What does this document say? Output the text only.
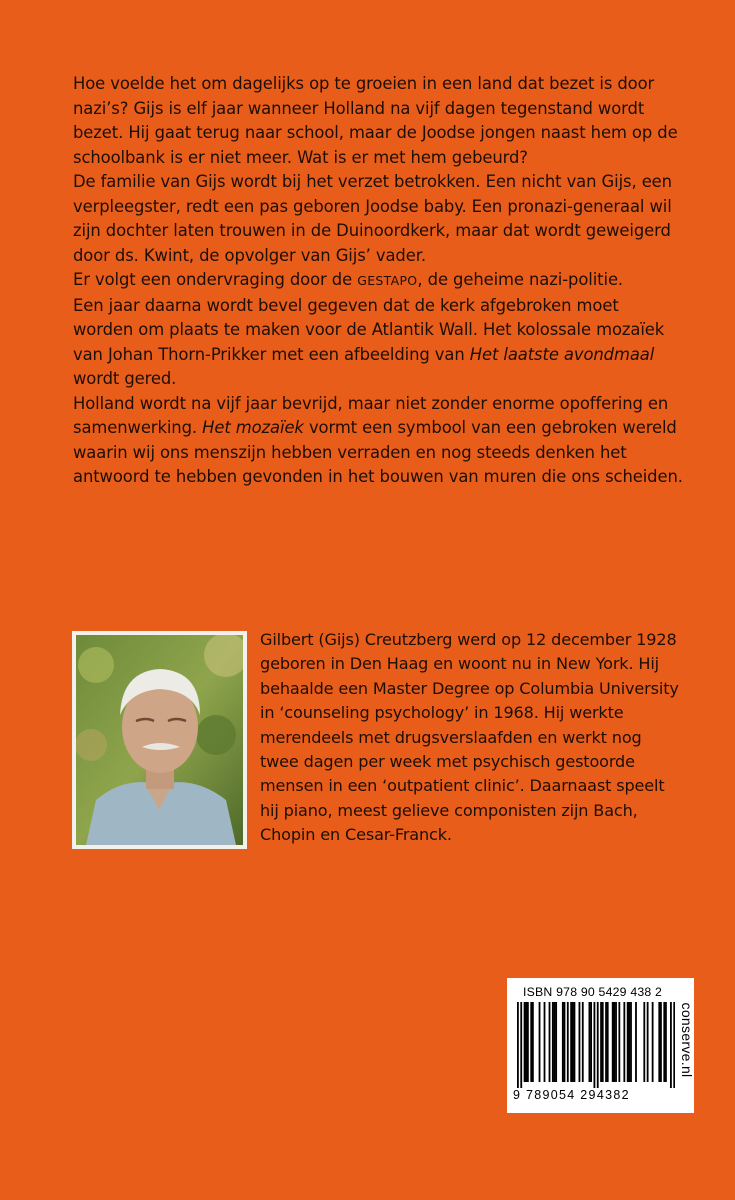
Hoe voelde het om dagelijks op te groeien in een land dat bezet is door nazi’s? Gijs is elf jaar wanneer Holland na vijf dagen tegenstand wordt bezet. Hij gaat terug naar school, maar de Joodse jongen naast hem op de schoolbank is er niet meer. Wat is er met hem gebeurd?

De familie van Gijs wordt bij het verzet betrokken. Een nicht van Gijs, een verpleegster, redt een pas geboren Joodse baby. Een pronazi-generaal wil zijn dochter laten trouwen in de Duinoordkerk, maar dat wordt geweigerd door ds. Kwint, de opvolger van Gijs’ vader.

Er volgt een ondervraging door de GESTAPO, de geheime nazi-politie.

Een jaar daarna wordt bevel gegeven dat de kerk afgebroken moet worden om plaats te maken voor de Atlantik Wall. Het kolossale mozaïek van Johan Thorn-Prikker met een afbeelding van Het laatste avondmaal wordt gered.

Holland wordt na vijf jaar bevrijd, maar niet zonder enorme opoffering en samenwerking. Het mozaïek vormt een symbool van een gebroken wereld waarin wij ons menszijn hebben verraden en nog steeds denken het antwoord te hebben gevonden in het bouwen van muren die ons scheiden.

Gilbert (Gijs) Creutzberg werd op 12 december 1928 geboren in Den Haag en woont nu in New York. Hij behaalde een Master Degree op Columbia University in ‘counseling psychology’ in 1968. Hij werkte merendeels met drugsverslaafden en werkt nog twee dagen per week met psychisch gestoorde mensen in een ‘outpatient clinic’. Daarnaast speelt hij piano, meest gelieve componisten zijn Bach, Chopin en Cesar-Franck.
ISBN 978 90 5429 438 2
9 789054 294382
conserve.nl
